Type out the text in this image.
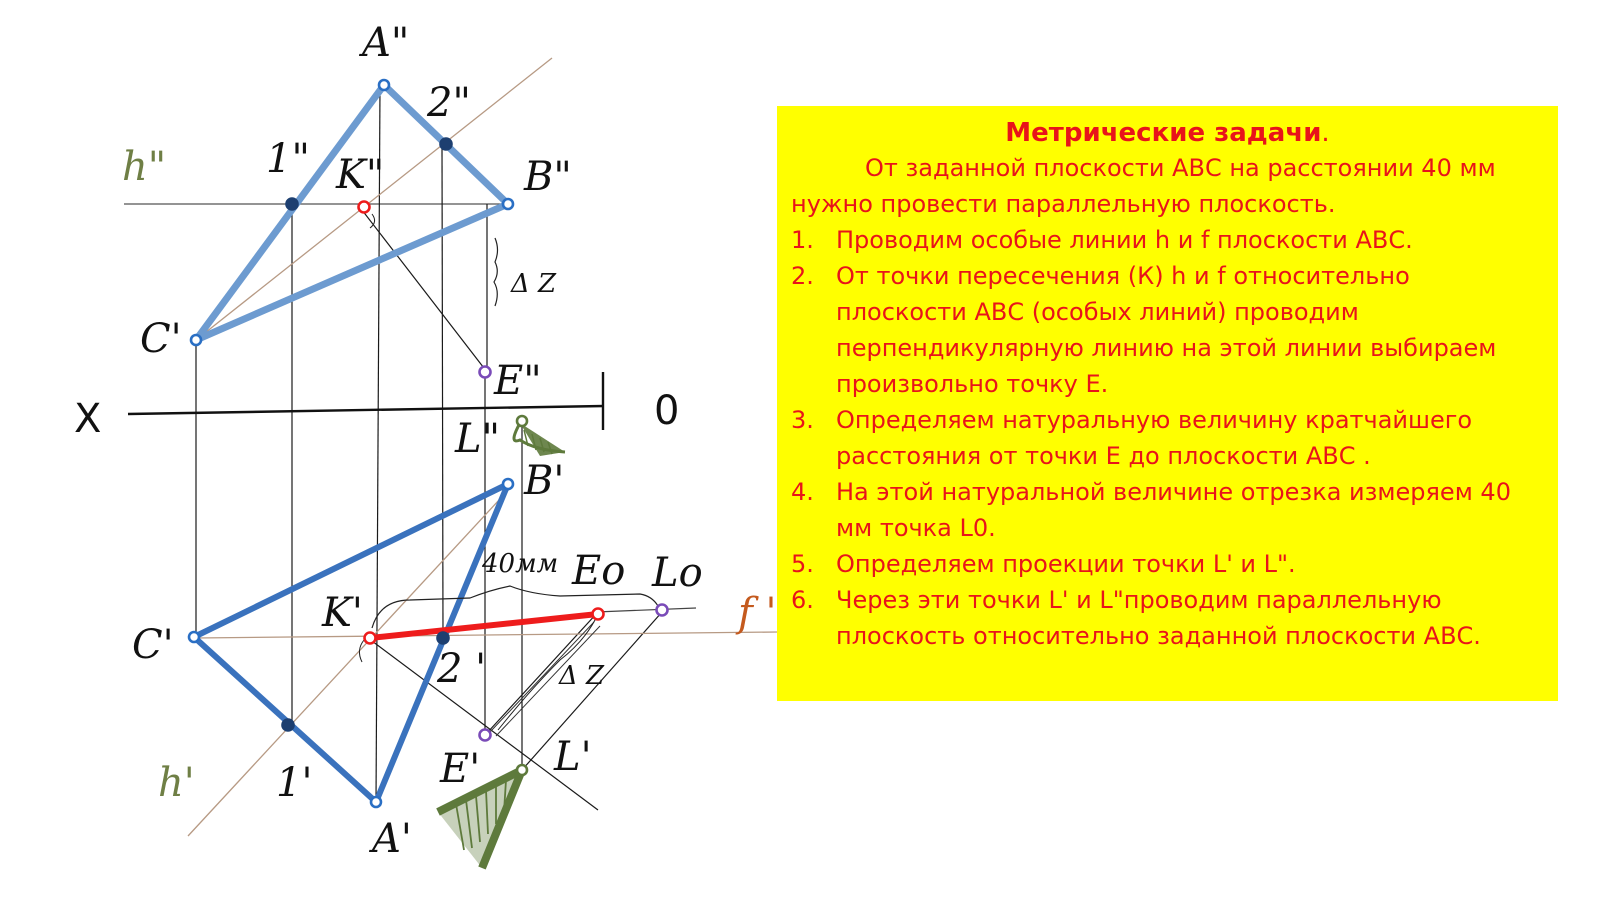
X	0
A"
2"
h" 1" K"	B"
Δ Z
C'
E"
L"
B'
40мм Eo Lo
K'	f '
C'
2 '	Δ Z
L'
E'
h' 1'
A'
Метрические задачи.

От заданной плоскости АВС на расстоянии 40 мм нужно провести параллельную плоскость.

1. Проводим особые линии h и f плоскости АВС.
2. От точки пересечения (К) h и f относительно плоскости АВС (особых линий) проводим перпендикулярную линию на этой линии выбираем произвольно точку Е.
3. Определяем натуральную величину кратчайшего расстояния от точки Е до плоскости АВС .
4. На этой натуральной величине отрезка измеряем 40 мм точка L0.
5. Определяем проекции точки L' и L".
6. Через эти точки L' и L"проводим параллельную плоскость относительно заданной плоскости АВС.
